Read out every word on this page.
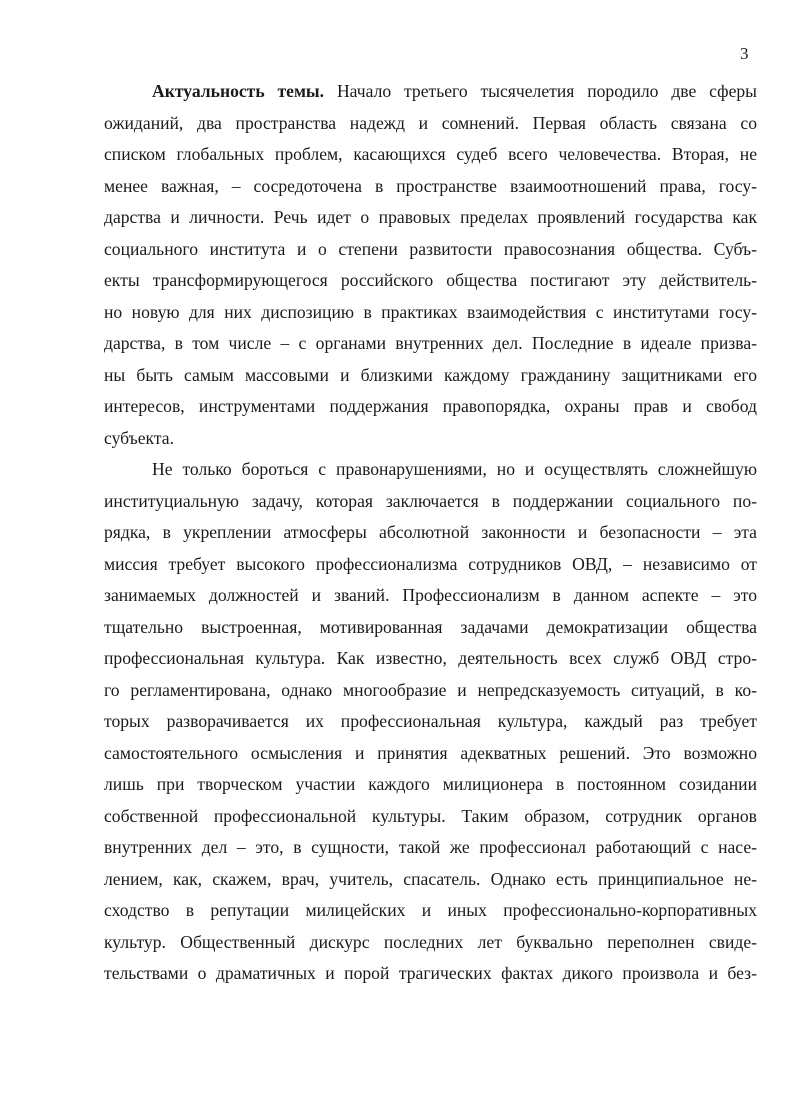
3
Актуальность темы. Начало третьего тысячелетия породило две сферы
ожиданий, два пространства надежд и сомнений. Первая область связана со
списком глобальных проблем, касающихся судеб всего человечества. Вторая, не
менее важная, – сосредоточена в пространстве взаимоотношений права, госу-
дарства и личности. Речь идет о правовых пределах проявлений государства как
социального института и о степени развитости правосознания общества. Субъ-
екты трансформирующегося российского общества постигают эту действитель-
но новую для них диспозицию в практиках взаимодействия с институтами госу-
дарства, в том числе – с органами внутренних дел. Последние в идеале призва-
ны быть самым массовыми и близкими каждому гражданину защитниками его
интересов, инструментами поддержания правопорядка, охраны прав и свобод
субъекта.
Не только бороться с правонарушениями, но и осуществлять сложнейшую
институциальную задачу, которая заключается в поддержании социального по-
рядка, в укреплении атмосферы абсолютной законности и безопасности – эта
миссия требует высокого профессионализма сотрудников ОВД, – независимо от
занимаемых должностей и званий. Профессионализм в данном аспекте – это
тщательно выстроенная, мотивированная задачами демократизации общества
профессиональная культура. Как известно, деятельность всех служб ОВД стро-
го регламентирована, однако многообразие и непредсказуемость ситуаций, в ко-
торых разворачивается их профессиональная культура, каждый раз требует
самостоятельного осмысления и принятия адекватных решений. Это возможно
лишь при творческом участии каждого милиционера в постоянном созидании
собственной профессиональной культуры. Таким образом, сотрудник органов
внутренних дел – это, в сущности, такой же профессионал работающий с насе-
лением, как, скажем, врач, учитель, спасатель. Однако есть принципиальное не-
сходство в репутации милицейских и иных профессионально-корпоративных
культур. Общественный дискурс последних лет буквально переполнен свиде-
тельствами о драматичных и порой трагических фактах дикого произвола и без-
